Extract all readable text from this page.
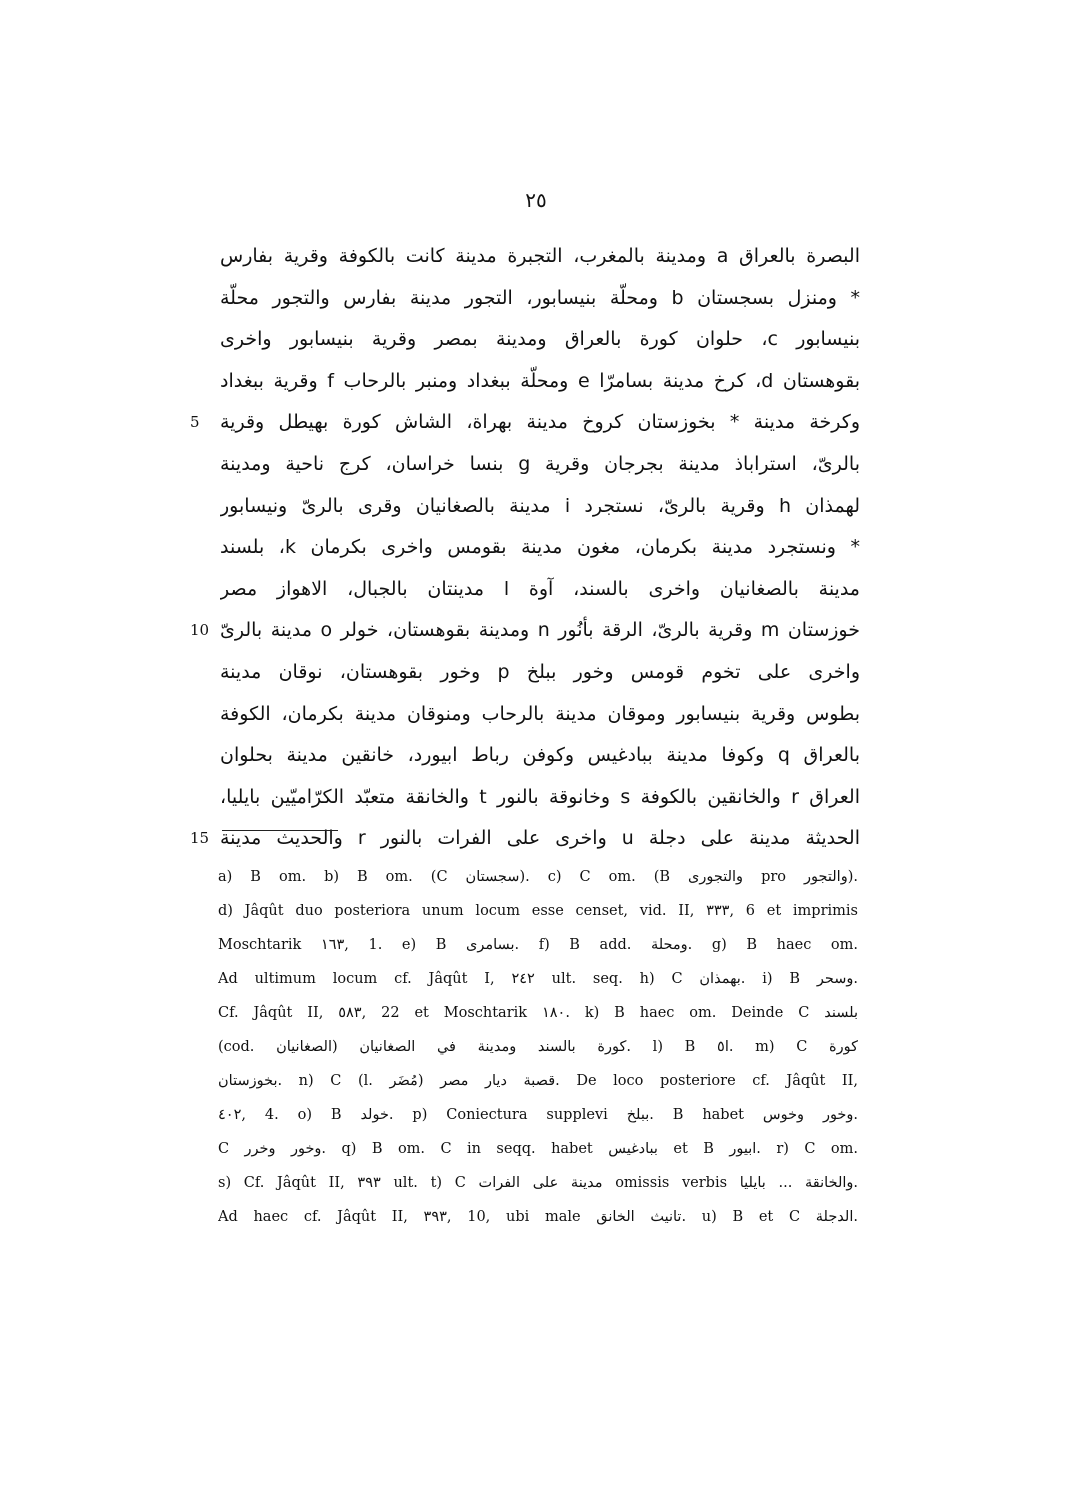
٢٥
البصرة بالعراق a ومدينة بالمغرب، التجبرة مدينة كانت بالكوفة وقرية بفارس
* ومنزل بسجستان b ومحلّة بنيسابور، التجور مدينة بفارس والتجور محلّة
بنيسابور c، حلوان كورة بالعراق ومدينة بمصر وقرية بنيسابور واخرى
بقوهستان d، كرخ مدينة بسامرّا e ومحلّة ببغداد ومنبر بالرحاب f وقرية ببغداد
5	وكرخة مدينة * بخوزستان كروخ مدينة بهراة، الشاش كورة بهيطل وقرية
بالرىّ، استراباذ مدينة بجرجان وقرية g بنسا خراسان، كرج ناحية ومدينة
لهمذان h وقرية بالرىّ، نستجرد i مدينة بالصغانيان وقرى بالرىّ ونيسابور
* ونستجرد مدينة بكرمان، مغون مدينة بقومس واخرى بكرمان k، بلسند
مدينة بالصغانيان واخرى بالسند، آوة l مدينتان بالجبال، الاهواز مصر
10 خوزستان m وقرية بالرىّ، الرقة بأنُور n ومدينة بقوهستان، خولر o مدينة بالرىّ
واخرى على تخوم قومس وخور ببلخ p وخور بقوهستان، نوقان مدينة
بطوس وقرية بنيسابور وموقان مدينة بالرحاب ومنوقان مدينة بكرمان، الكوفة
بالعراق q وكوفا مدينة ببادغيس وكوفن رباط ابيورد، خانقين مدينة بحلوان
العراق r والخانقين بالكوفة s وخانوقة بالنور t والخانقة متعبّد الكرّاميّين بايليا،
15 الحديثة مدينة على دجلة u واخرى على الفرات بالنور r والحديث مدينة
a) B om. b) B om. (C سجستان). c) C om. (B والتجورى pro والتجور).
d) Jâqût duo posteriora unum locum esse censet, vid. II, ٣٣٣, 6 et imprimis
Moschtarik ١٦٣, 1. e) B بسامرى. f) B add. ومحلة. g) B haec om.
Ad ultimum locum cf. Jâqût I, ٢٤٢ ult. seq. h) C بهمذان. i) B وسحر.
Cf. Jâqût II, ٥٨٣, 22 et Moschtarik ١٨٠. k) B haec om. Deinde C بلسند
(cod. الصغانيان) كورة بالسند ومدينة في الصغانيان. l) B ا٥. m) C كورة
بخوزستان. n) C (l. مُضَر) قصبة ديار مصر. De loco posteriore cf. Jâqût II,
٤٠٢, 4. o) B خولد. p) Coniectura supplevi ببلخ. B habet وخور وخوس.
C وخور وخرر. q) B om. C in seqq. habet ببادغيس et B ابيور. r) C om.
s) Cf. Jâqût II, ٣٩٣ ult. t) C مدينة على الفرات omissis verbis والخانقة ... بايليا.
Ad haec cf. Jâqût II, ٣٩٣, 10, ubi male تانيث الخانق. u) B et C الدجلة.
